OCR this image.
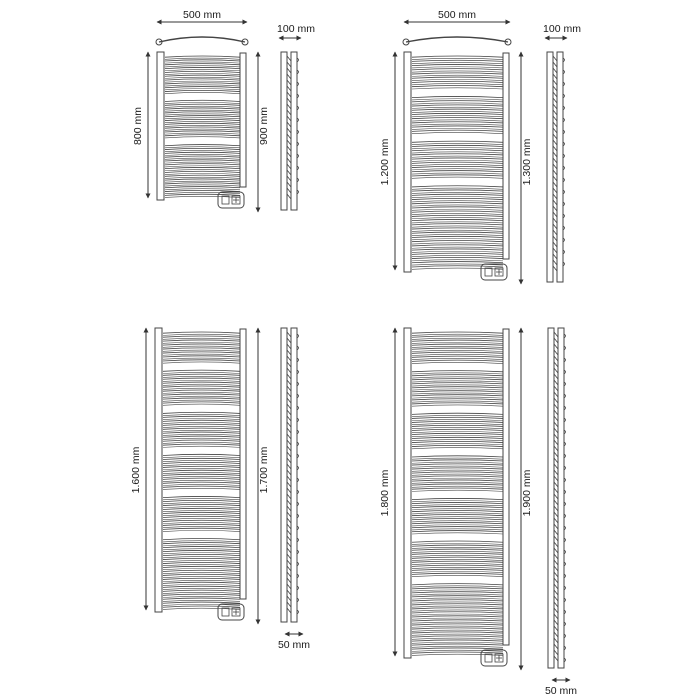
800 mm	900 mm
500 mm
100 mm
1.200 mm	1.300 mm
500 mm
100 mm
1.600 mm	1.700 mm
50 mm
1.800 mm	1.900 mm
50 mm
